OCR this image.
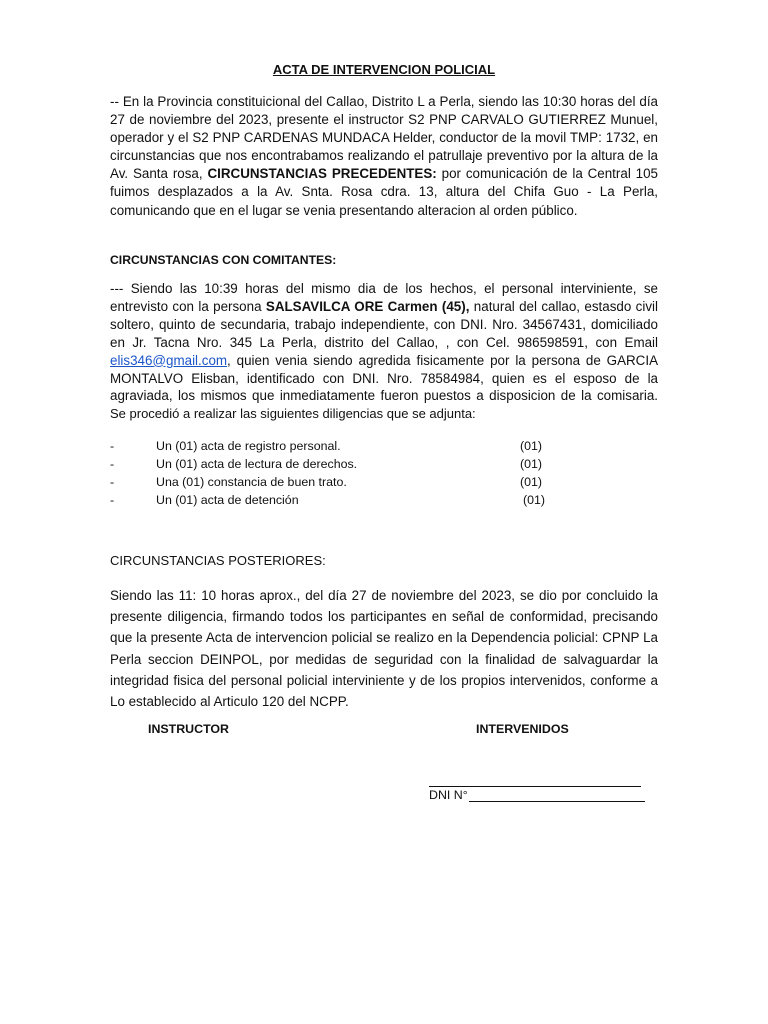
ACTA DE INTERVENCION POLICIAL
-- En la Provincia constituicional del Callao, Distrito L a Perla, siendo las 10:30 horas del día 27 de noviembre del 2023, presente el instructor S2 PNP CARVALO GUTIERREZ Munuel, operador y el S2 PNP CARDENAS MUNDACA Helder, conductor de la movil TMP: 1732, en circunstancias que nos encontrabamos realizando el patrullaje preventivo por la altura de la Av. Santa rosa, CIRCUNSTANCIAS PRECEDENTES: por comunicación de la Central 105 fuimos desplazados a la Av. Snta. Rosa cdra. 13, altura del Chifa Guo - La Perla, comunicando que en el lugar se venia presentando alteracion al orden público.
CIRCUNSTANCIAS CON COMITANTES:
--- Siendo las 10:39 horas del mismo dia de los hechos, el personal interviniente, se entrevisto con la persona SALSAVILCA ORE Carmen (45), natural del callao, estasdo civil soltero, quinto de secundaria, trabajo independiente, con DNI. Nro. 34567431, domiciliado en Jr. Tacna Nro. 345 La Perla, distrito del Callao, , con Cel. 986598591, con Email elis346@gmail.com, quien venia siendo agredida fisicamente por la persona de GARCIA MONTALVO Elisban, identificado con DNI. Nro. 78584984, quien es el esposo de la agraviada, los mismos que inmediatamente fueron puestos a disposicion de la comisaria. Se procedió a realizar las siguientes diligencias que se adjunta:
-	Un (01) acta de registro personal.	(01)
-	Un (01) acta de lectura de derechos.	(01)
-	Una (01) constancia de buen trato.	(01)
-	Un (01) acta de detención	(01)
CIRCUNSTANCIAS POSTERIORES:
Siendo las 11: 10 horas aprox., del día 27 de noviembre del 2023, se dio por concluido la presente diligencia, firmando todos los participantes en señal de conformidad, precisando que la presente Acta de intervencion policial se realizo en la Dependencia policial: CPNP La Perla seccion DEINPOL, por medidas de seguridad con la finalidad de salvaguardar la integridad fisica del personal policial interviniente y de los propios intervenidos, conforme a Lo establecido al Articulo 120 del NCPP.
INSTRUCTOR	INTERVENIDOS
DNI N°
